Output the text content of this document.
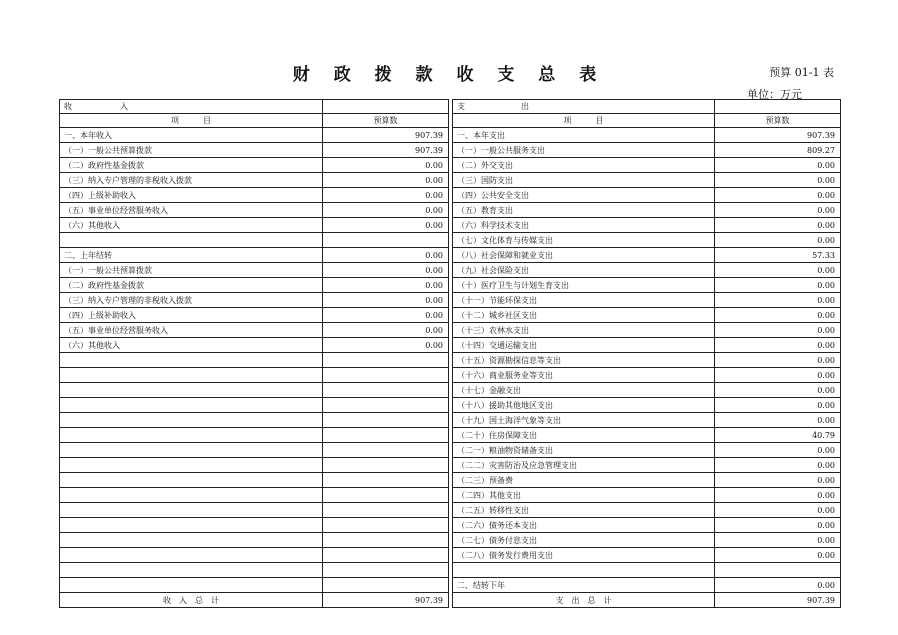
财 政 拨 款 收 支 总 表	预算 01-1 表
单位：万元
收　　　　　　入			支　　　　　　　出	
项　　　目	预算数		项　　　目	预算数
一、本年收入	907.39		一、本年支出	907.39
（一）一般公共预算拨款	907.39		（一）一般公共服务支出	809.27
（二）政府性基金拨款	0.00		（二）外交支出	0.00
（三）纳入专户管理的非税收入拨款	0.00		（三）国防支出	0.00
（四）上级补助收入	0.00		（四）公共安全支出	0.00
（五）事业单位经营服务收入	0.00		（五）教育支出	0.00
（六）其他收入	0.00		（六）科学技术支出	0.00
			（七）文化体育与传媒支出	0.00
二、上年结转	0.00		（八）社会保障和就业支出	57.33
（一）一般公共预算拨款	0.00		（九）社会保险支出	0.00
（二）政府性基金拨款	0.00		（十）医疗卫生与计划生育支出	0.00
（三）纳入专户管理的非税收入拨款	0.00		（十一）节能环保支出	0.00
（四）上级补助收入	0.00		（十二）城乡社区支出	0.00
（五）事业单位经营服务收入	0.00		（十三）农林水支出	0.00
（六）其他收入	0.00		（十四）交通运输支出	0.00
			（十五）资源勘探信息等支出	0.00
			（十六）商业服务业等支出	0.00
			（十七）金融支出	0.00
			（十八）援助其他地区支出	0.00
			（十九）国土海洋气象等支出	0.00
			（二十）住房保障支出	40.79
			（二一）粮油物资储备支出	0.00
			（二二）灾害防治及应急管理支出	0.00
			（二三）预备费	0.00
			（二四）其他支出	0.00
			（二五）转移性支出	0.00
			（二六）债务还本支出	0.00
			（二七）债务付息支出	0.00
			（二八）债务发行费用支出	0.00

			二、结转下年	0.00
收　入　总　计	907.39		支　出　总　计	907.39
